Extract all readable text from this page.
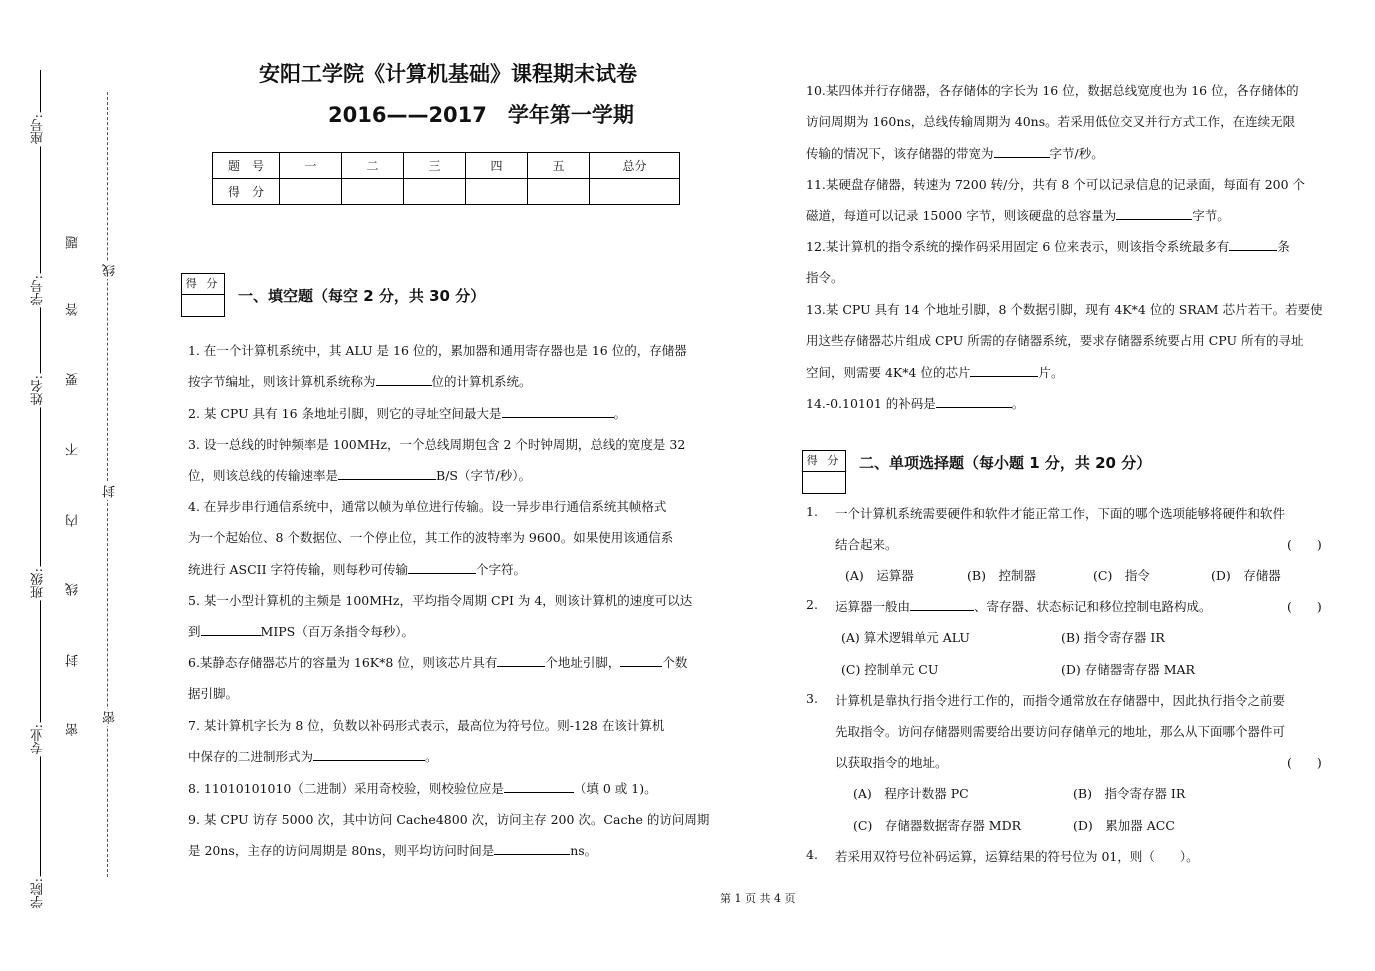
座号:
学号:
姓名:
班级:
专业:
学院:
题
答
要
不
内
线
封
密
线
封
密
安阳工学院《计算机基础》课程期末试卷
2016——2017　学年第一学期
题　号	一	二	三	四	五	总分
得　分						
得 分
一、填空题（每空 2 分，共 30 分）
1. 在一个计算机系统中，其 ALU 是 16 位的，累加器和通用寄存器也是 16 位的，存储器
按字节编址，则该计算机系统称为	位的计算机系统。
2. 某 CPU 具有 16 条地址引脚，则它的寻址空间最大是	。
3. 设一总线的时钟频率是 100MHz，一个总线周期包含 2 个时钟周期，总线的宽度是 32
位，则该总线的传输速率是	B/S（字节/秒）。
4. 在异步串行通信系统中，通常以帧为单位进行传输。设一异步串行通信系统其帧格式
为一个起始位、8 个数据位、一个停止位，其工作的波特率为 9600。如果使用该通信系
统进行 ASCII 字符传输，则每秒可传输	个字符。
5. 某一小型计算机的主频是 100MHz，平均指令周期 CPI 为 4，则该计算机的速度可以达
到	MIPS（百万条指令每秒）。
6.某静态存储器芯片的容量为 16K*8 位，则该芯片具有	个地址引脚，	个数
据引脚。
7. 某计算机字长为 8 位，负数以补码形式表示，最高位为符号位。则-128 在该计算机
中保存的二进制形式为	。
8. 11010101010（二进制）采用奇校验，则校验位应是	（填 0 或 1)。
9. 某 CPU 访存 5000 次，其中访问 Cache4800 次，访问主存 200 次。Cache 的访问周期
是 20ns，主存的访问周期是 80ns，则平均访问时间是	ns。
10.某四体并行存储器，各存储体的字长为 16 位，数据总线宽度也为 16 位，各存储体的
访问周期为 160ns，总线传输周期为 40ns。若采用低位交叉并行方式工作，在连续无限
传输的情况下，该存储器的带宽为	字节/秒。
11.某硬盘存储器，转速为 7200 转/分，共有 8 个可以记录信息的记录面，每面有 200 个
磁道，每道可以记录 15000 字节，则该硬盘的总容量为	字节。
12.某计算机的指令系统的操作码采用固定 6 位来表示，则该指令系统最多有	条
指令。
13.某 CPU 具有 14 个地址引脚，8 个数据引脚，现有 4K*4 位的 SRAM 芯片若干。若要使
用这些存储器芯片组成 CPU 所需的存储器系统，要求存储器系统要占用 CPU 所有的寻址
空间，则需要 4K*4 位的芯片	片。
14.-0.10101 的补码是	。
得 分 二、单项选择题（每小题 1 分，共 20 分）
1. 一个计算机系统需要硬件和软件才能正常工作，下面的哪个选项能够将硬件和软件
结合起来。	(　　)
(A)　运算器	(B)　控制器	(C)　指令	(D)　存储器
2. 运算器一般由	、寄存器、状态标记和移位控制电路构成。	(　　)
(A) 算术逻辑单元 ALU	(B) 指令寄存器 IR
(C) 控制单元 CU	(D) 存储器寄存器 MAR
3. 计算机是靠执行指令进行工作的，而指令通常放在存储器中，因此执行指令之前要
先取指令。访问存储器则需要给出要访问存储单元的地址，那么从下面哪个器件可
以获取指令的地址。	(　　)
(A)　程序计数器 PC	(B)　指令寄存器 IR
(C)　存储器数据寄存器 MDR	(D)　累加器 ACC
4. 若采用双符号位补码运算，运算结果的符号位为 01，则（　　）。
第 1 页 共 4 页
